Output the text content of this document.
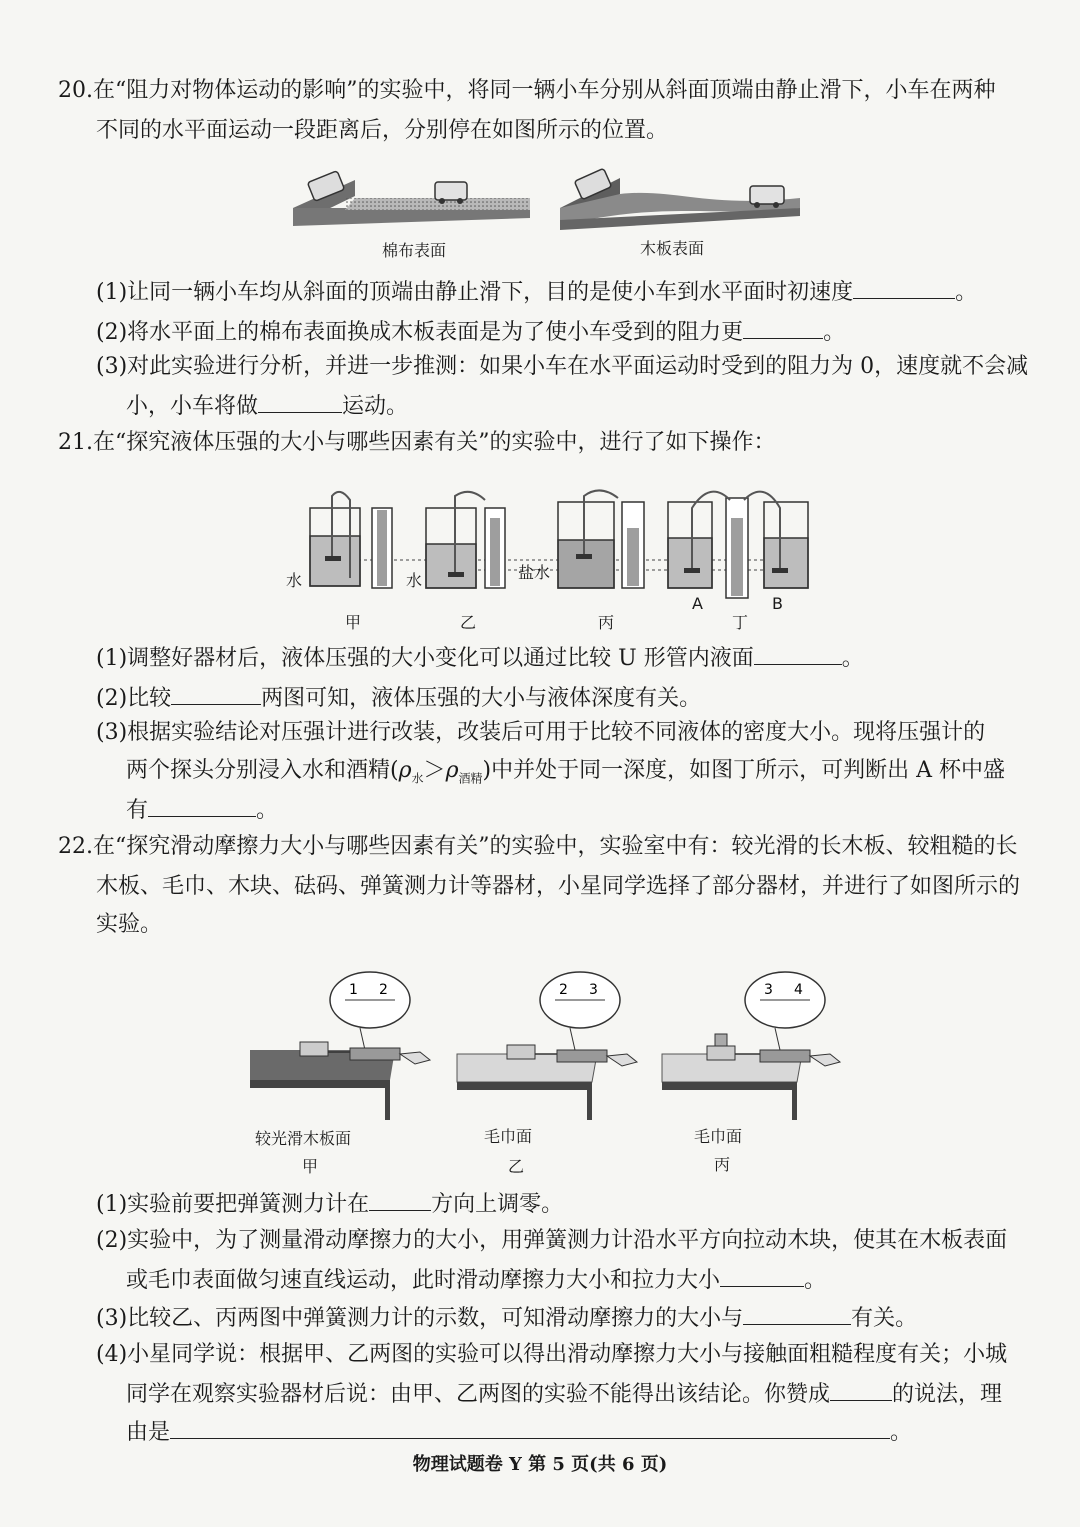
20.在“阻力对物体运动的影响”的实验中，将同一辆小车分别从斜面顶端由静止滑下，小车在两种
不同的水平面运动一段距离后，分别停在如图所示的位置。
棉布表面	木板表面
(1)让同一辆小车均从斜面的顶端由静止滑下，目的是使小车到水平面时初速度	。
(2)将水平面上的棉布表面换成木板表面是为了使小车受到的阻力更	。
(3)对此实验进行分析，并进一步推测：如果小车在水平面运动时受到的阻力为 0，速度就不会减
小，小车将做	运动。
21.在“探究液体压强的大小与哪些因素有关”的实验中，进行了如下操作：
水	水	盐水
甲	乙	丙
A
丁
B
(1)调整好器材后，液体压强的大小变化可以通过比较 U 形管内液面	。
(2)比较	两图可知，液体压强的大小与液体深度有关。
(3)根据实验结论对压强计进行改装，改装后可用于比较不同液体的密度大小。现将压强计的
两个探头分别浸入水和酒精$(\rho_水>\rho_{酒精})$中并处于同一深度，如图丁所示，可判断出 A 杯中盛
有	。
22.在“探究滑动摩擦力大小与哪些因素有关”的实验中，实验室中有：较光滑的长木板、较粗糙的长
木板、毛巾、木块、砝码、弹簧测力计等器材，小星同学选择了部分器材，并进行了如图所示的
实验。
1 2	2 3	3 4
较光滑木板面
甲
毛巾面
乙
毛巾面
丙
(1)实验前要把弹簧测力计在	方向上调零。
(2)实验中，为了测量滑动摩擦力的大小，用弹簧测力计沿水平方向拉动木块，使其在木板表面
或毛巾表面做匀速直线运动，此时滑动摩擦力大小和拉力大小	。
(3)比较乙、丙两图中弹簧测力计的示数，可知滑动摩擦力的大小与	有关。
(4)小星同学说：根据甲、乙两图的实验可以得出滑动摩擦力大小与接触面粗糙程度有关；小城
同学在观察实验器材后说：由甲、乙两图的实验不能得出该结论。你赞成	的说法，理
由是	。
物理试题卷 Y 第 5 页(共 6 页)
